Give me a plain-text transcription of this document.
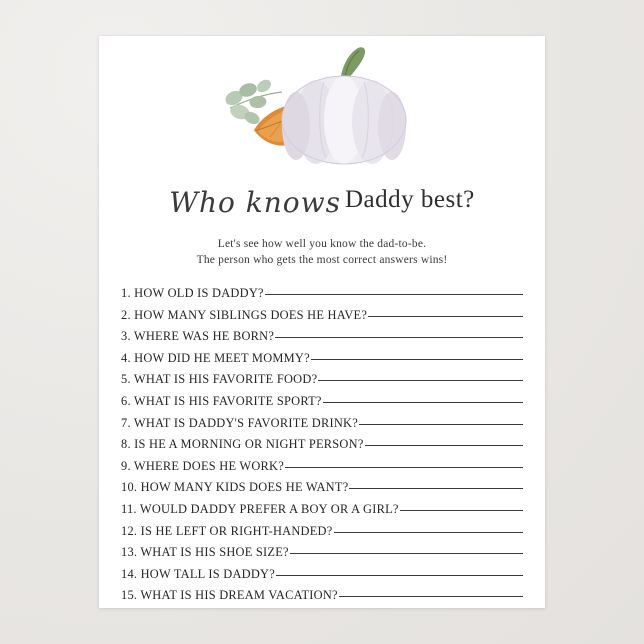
Who knows Daddy best?
Let's see how well you know the dad-to-be.
The person who gets the most correct answers wins!
1. HOW OLD IS DADDY?
2. HOW MANY SIBLINGS DOES HE HAVE?
3. WHERE WAS HE BORN?
4. HOW DID HE MEET MOMMY?
5. WHAT IS HIS FAVORITE FOOD?
6. WHAT IS HIS FAVORITE SPORT?
7. WHAT IS DADDY'S FAVORITE DRINK?
8. IS HE A MORNING OR NIGHT PERSON?
9. WHERE DOES HE WORK?
10. HOW MANY KIDS DOES HE WANT?
11. WOULD DADDY PREFER A BOY OR A GIRL?
12. IS HE LEFT OR RIGHT-HANDED?
13. WHAT IS HIS SHOE SIZE?
14. HOW TALL IS DADDY?
15. WHAT IS HIS DREAM VACATION?
